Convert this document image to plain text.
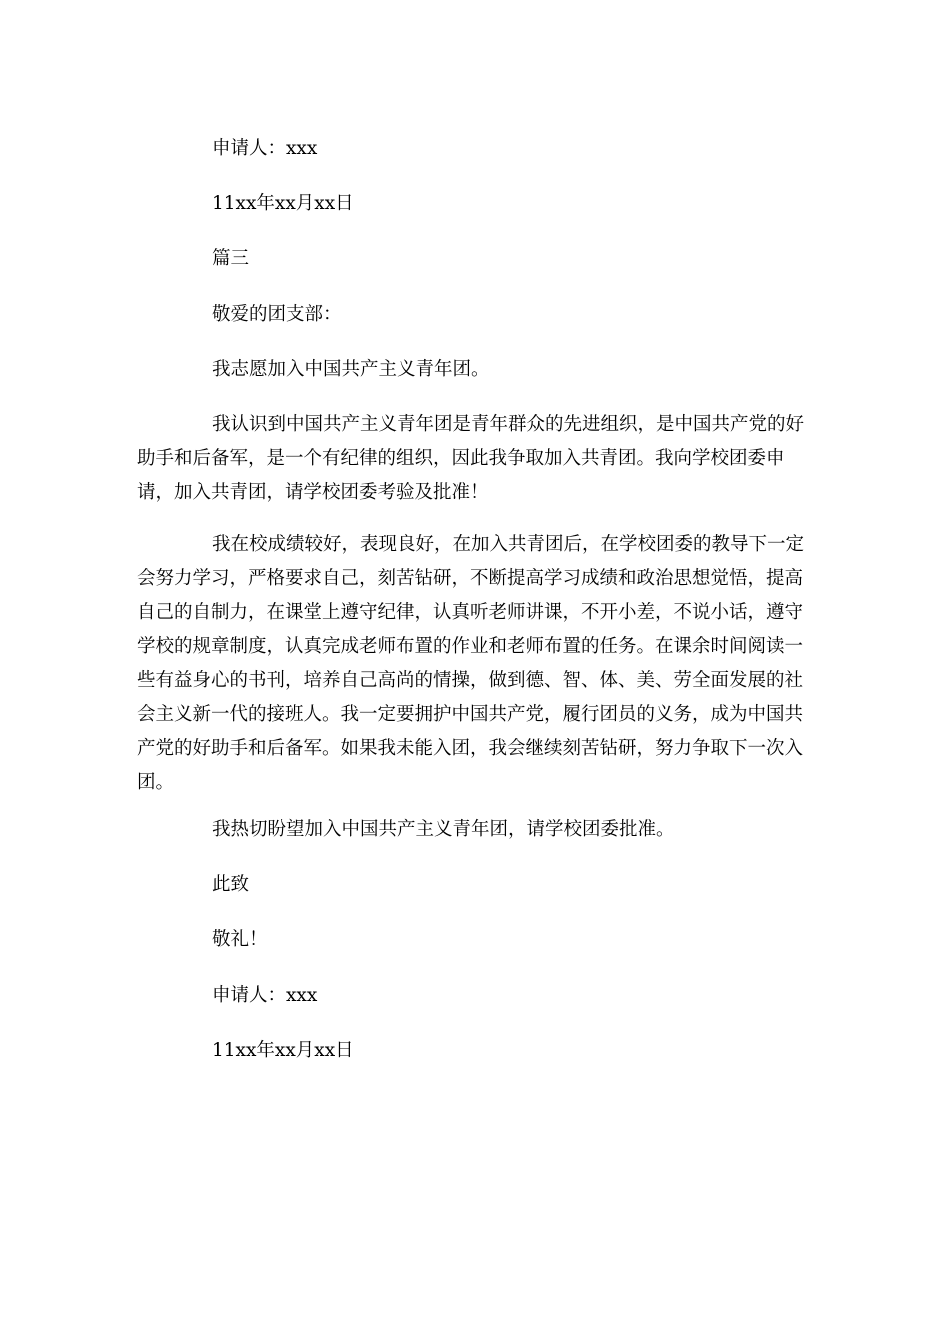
申请人：xxx

11xx年xx月xx日

篇三

敬爱的团支部：

我志愿加入中国共产主义青年团。

我认识到中国共产主义青年团是青年群众的先进组织，是中国共产党的好助手和后备军，是一个有纪律的组织，因此我争取加入共青团。我向学校团委申请，加入共青团，请学校团委考验及批准！

我在校成绩较好，表现良好，在加入共青团后，在学校团委的教导下一定会努力学习，严格要求自己，刻苦钻研，不断提高学习成绩和政治思想觉悟，提高自己的自制力，在课堂上遵守纪律，认真听老师讲课，不开小差，不说小话，遵守学校的规章制度，认真完成老师布置的作业和老师布置的任务。在课余时间阅读一些有益身心的书刊，培养自己高尚的情操，做到德、智、体、美、劳全面发展的社会主义新一代的接班人。我一定要拥护中国共产党，履行团员的义务，成为中国共产党的好助手和后备军。如果我未能入团，我会继续刻苦钻研，努力争取下一次入团。

我热切盼望加入中国共产主义青年团，请学校团委批准。

此致

敬礼！

申请人：xxx

11xx年xx月xx日
